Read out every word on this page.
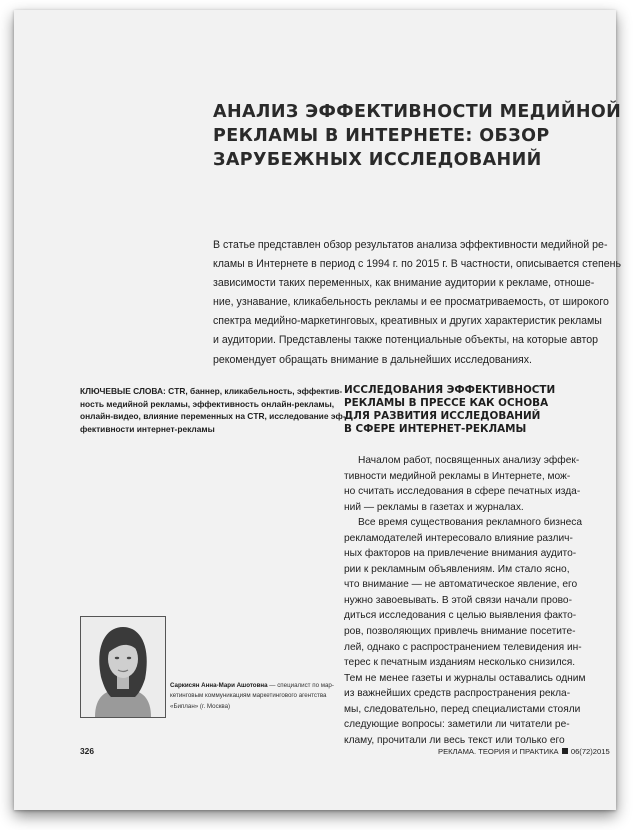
АНАЛИЗ ЭФФЕКТИВНОСТИ МЕДИЙНОЙ
РЕКЛАМЫ В ИНТЕРНЕТЕ: ОБЗОР
ЗАРУБЕЖНЫХ ИССЛЕДОВАНИЙ

В статье представлен обзор результатов анализа эффективности медийной ре-
кламы в Интернете в период с 1994 г. по 2015 г. В частности, описывается степень
зависимости таких переменных, как внимание аудитории к рекламе, отноше-
ние, узнавание, кликабельность рекламы и ее просматриваемость, от широкого
спектра медийно-маркетинговых, креативных и других характеристик рекламы
и аудитории. Представлены также потенциальные объекты, на которые автор
рекомендует обращать внимание в дальнейших исследованиях.

КЛЮЧЕВЫЕ СЛОВА: CTR, баннер, кликабельность, эффектив-
ность медийной рекламы, эффективность онлайн-рекламы,
онлайн-видео, влияние переменных на CTR, исследование эф-
фективности интернет-рекламы

ИССЛЕДОВАНИЯ ЭФФЕКТИВНОСТИ
РЕКЛАМЫ В ПРЕССЕ КАК ОСНОВА
ДЛЯ РАЗВИТИЯ ИССЛЕДОВАНИЙ
В СФЕРЕ ИНТЕРНЕТ-РЕКЛАМЫ

Началом работ, посвященных анализу эффек-
тивности медийной рекламы в Интернете, мож-
но считать исследования в сфере печатных изда-
ний — рекламы в газетах и журналах.
Все время существования рекламного бизнеса
рекламодателей интересовало влияние различ-
ных факторов на привлечение внимания аудито-
рии к рекламным объявлениям. Им стало ясно,
что внимание — не автоматическое явление, его
нужно завоевывать. В этой связи начали прово-
диться исследования с целью выявления факто-
ров, позволяющих привлечь внимание посетите-
лей, однако с распространением телевидения ин-
терес к печатным изданиям несколько снизился.
Тем не менее газеты и журналы оставались одним
из важнейших средств распространения рекла-
мы, следовательно, перед специалистами стояли
следующие вопросы: заметили ли читатели ре-
кламу, прочитали ли весь текст или только его

Саркисян Анна-Мари Ашотовна — специалист по мар-
кетинговым коммуникациям маркетингового агентства
«Биплан» (г. Москва)

326	РЕКЛАМА. ТЕОРИЯ И ПРАКТИКА 06(72)2015
